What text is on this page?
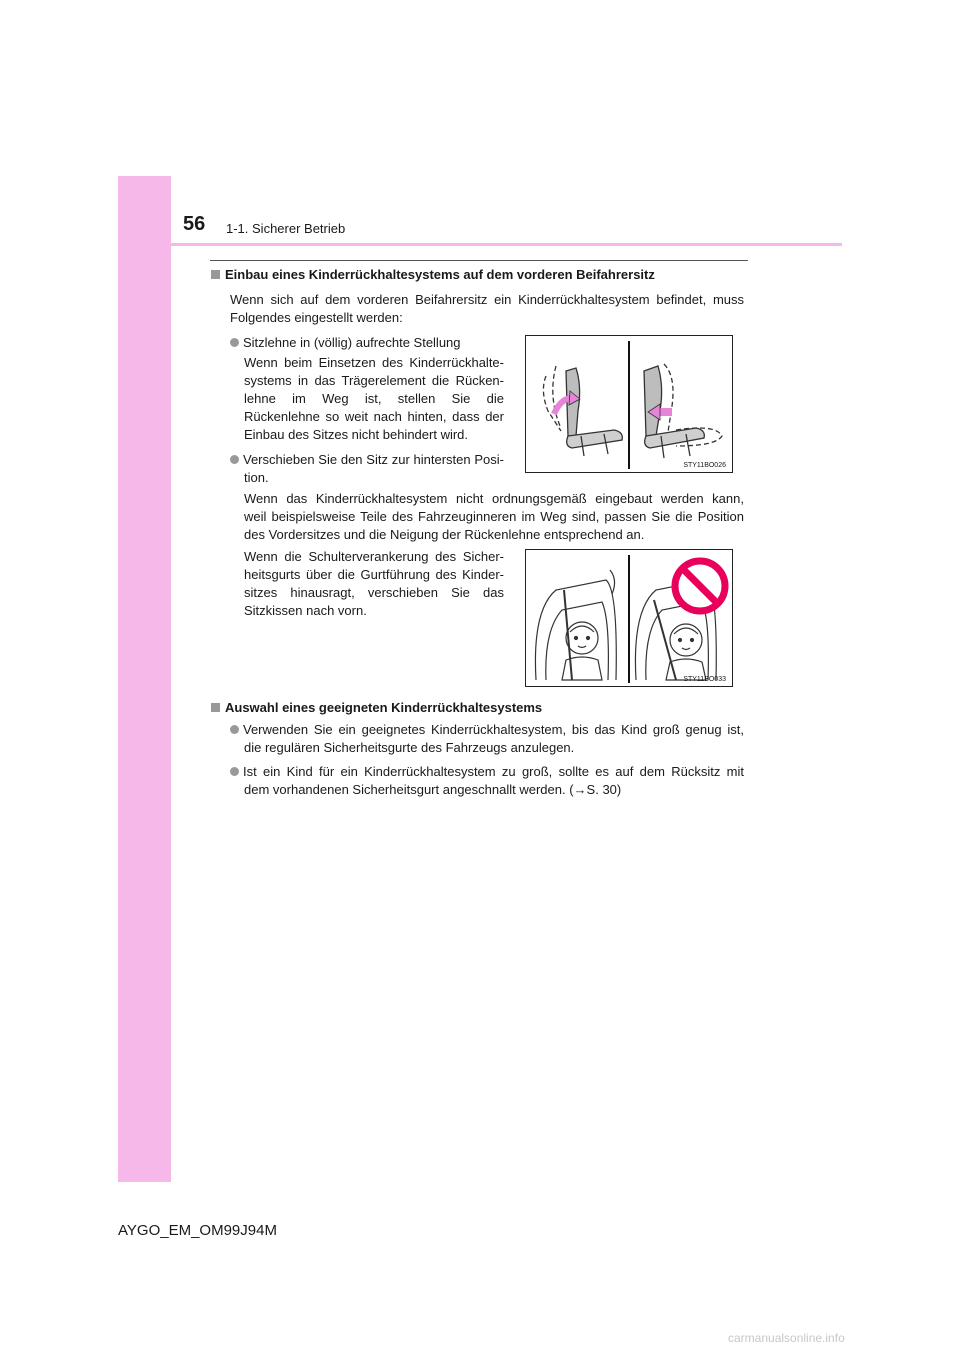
56 1-1. Sicherer Betrieb
Einbau eines Kinderrückhaltesystems auf dem vorderen Beifahrersitz
Wenn sich auf dem vorderen Beifahrersitz ein Kinderrückhaltesystem befindet, muss
Folgendes eingestellt werden:
Sitzlehne in (völlig) aufrechte Stellung
Wenn beim Einsetzen des Kinderrückhalte-
systems in das Trägerelement die Rücken-
lehne im Weg ist, stellen Sie die
Rückenlehne so weit nach hinten, dass der
Einbau des Sitzes nicht behindert wird.
Verschieben Sie den Sitz zur hintersten Posi-
tion.
Wenn das Kinderrückhaltesystem nicht ordnungsgemäß eingebaut werden kann,
weil beispielsweise Teile des Fahrzeuginneren im Weg sind, passen Sie die Position
des Vordersitzes und die Neigung der Rückenlehne entsprechend an.
Wenn die Schulterverankerung des Sicher-
heitsgurts über die Gurtführung des Kinder-
sitzes hinausragt, verschieben Sie das
Sitzkissen nach vorn.
STY11BO026
STY11BO033
Auswahl eines geeigneten Kinderrückhaltesystems
Verwenden Sie ein geeignetes Kinderrückhaltesystem, bis das Kind groß genug ist,
die regulären Sicherheitsgurte des Fahrzeugs anzulegen.
Ist ein Kind für ein Kinderrückhaltesystem zu groß, sollte es auf dem Rücksitz mit
dem vorhandenen Sicherheitsgurt angeschnallt werden. (→S. 30)
AYGO_EM_OM99J94M
carmanualsonline.info
